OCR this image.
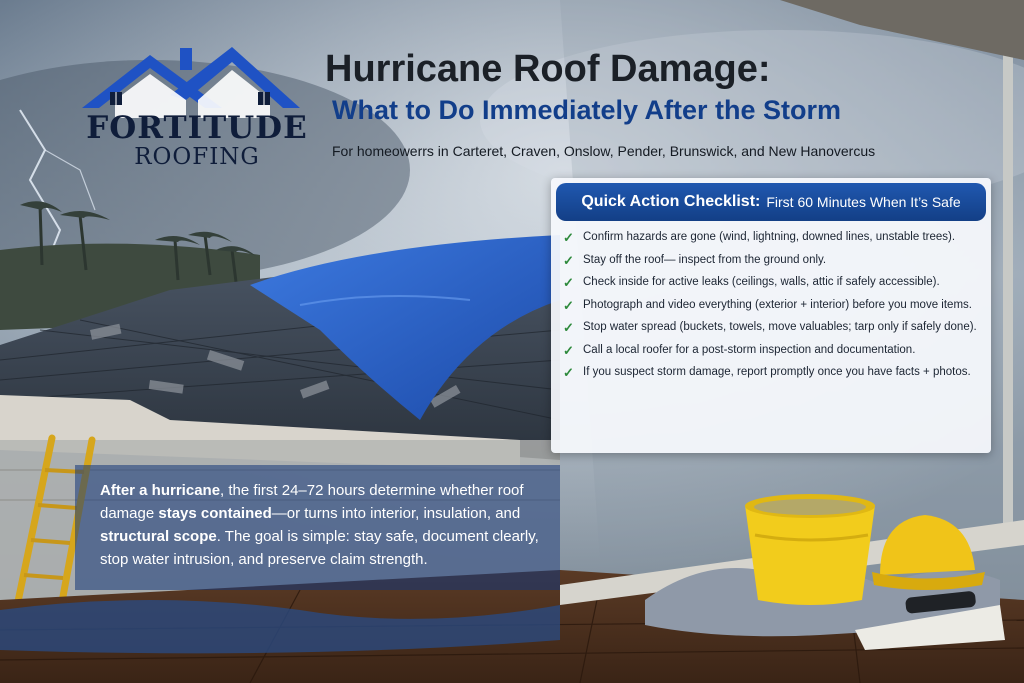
FORTITUDE
ROOFING
Hurricane Roof Damage:
What to Do Immediately After the Storm
For homeowerrs in Carteret, Craven, Onslow, Pender, Brunswick, and New Hanovercus
Quick Action Checklist: First 60 Minutes When It’s Safe
✓ Confirm hazards are gone (wind, lightning, downed lines, unstable trees).
✓ Stay off the roof— inspect from the ground only.
✓ Check inside for active leaks (ceilings, walls, attic if safely accessible).
✓ Photograph and video everything (exterior + interior) before you move items.
✓ Stop water spread (buckets, towels, move valuables; tarp only if safely done).
✓ Call a local roofer for a post-storm inspection and documentation.
✓ If you suspect storm damage, report promptly once you have facts + photos.
After a hurricane, the first 24–72 hours determine whether roof damage stays contained—or turns into interior, insulation, and structural scope. The goal is simple: stay safe, document clearly, stop water intrusion, and preserve claim strength.
